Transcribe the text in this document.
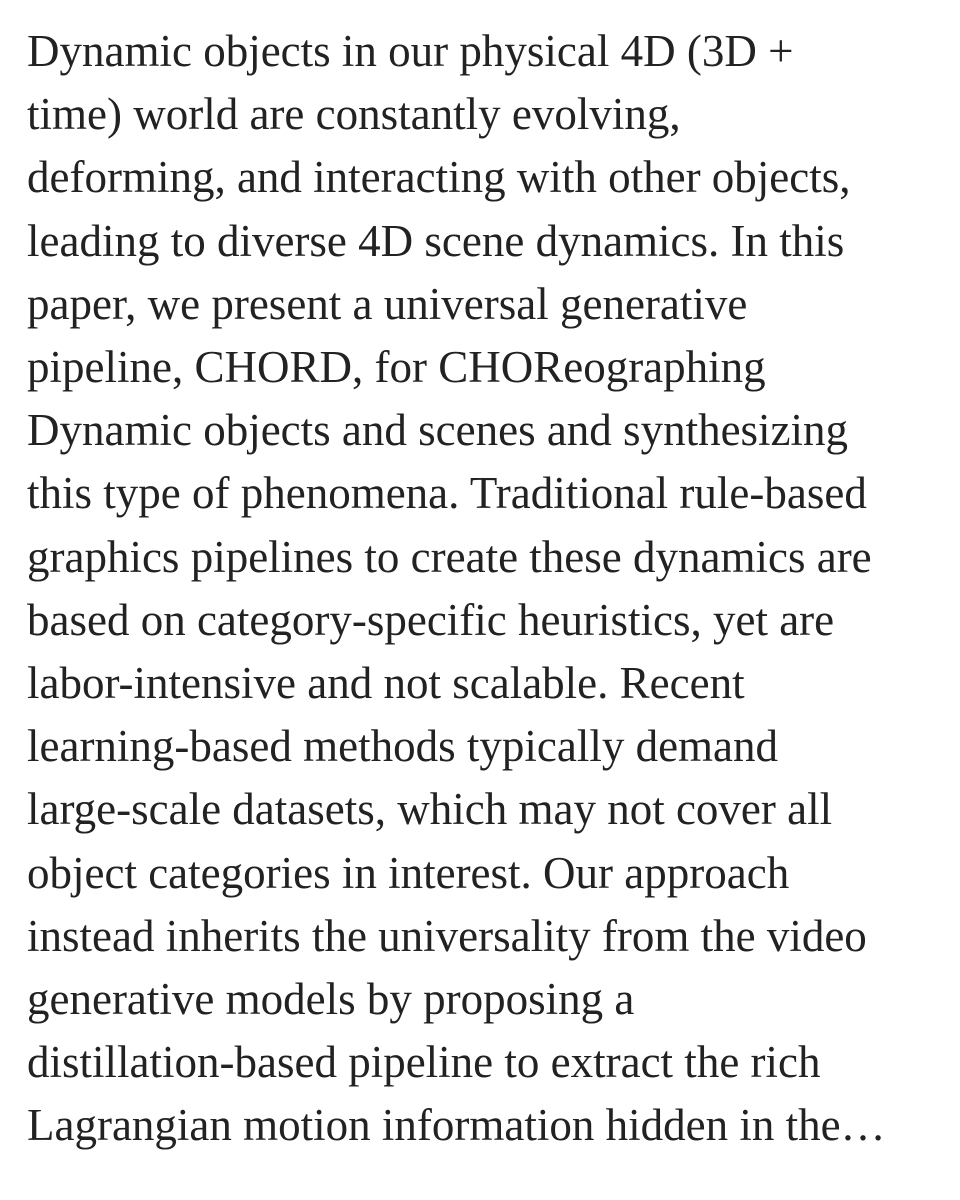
Dynamic objects in our physical 4D (3D +
time) world are constantly evolving,
deforming, and interacting with other objects,
leading to diverse 4D scene dynamics. In this
paper, we present a universal generative
pipeline, CHORD, for CHOReographing
Dynamic objects and scenes and synthesizing
this type of phenomena. Traditional rule-based
graphics pipelines to create these dynamics are
based on category-specific heuristics, yet are
labor-intensive and not scalable. Recent
learning-based methods typically demand
large-scale datasets, which may not cover all
object categories in interest. Our approach
instead inherits the universality from the video
generative models by proposing a
distillation-based pipeline to extract the rich
Lagrangian motion information hidden in the…
